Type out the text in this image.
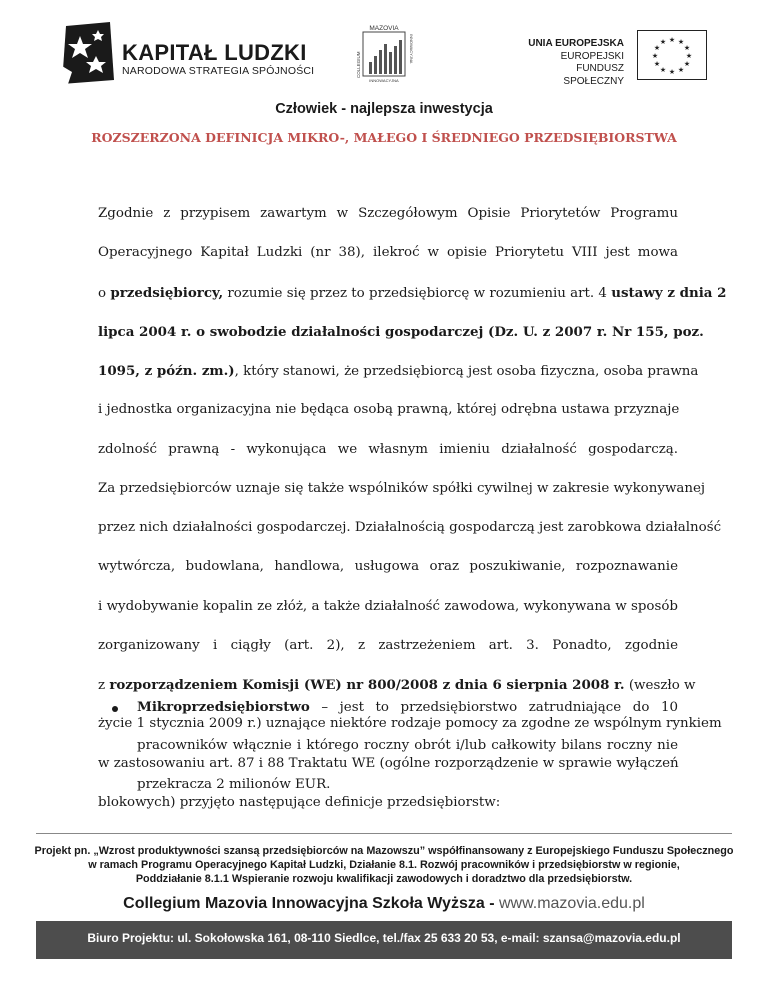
KAPITAŁ LUDZKI
NARODOWA STRATEGIA SPÓJNOŚCI
MAZOVIA
COLLEGIUM
INNOWACYJNA
INNOWACYJNA
UNIA EUROPEJSKA
EUROPEJSKI
FUNDUSZ SPOŁECZNY
★ ★
★
★
★
★
★
★
★
★
★
★
Człowiek - najlepsza inwestycja
ROZSZERZONA DEFINICJA MIKRO-, MAŁEGO I ŚREDNIEGO PRZEDSIĘBIORSTWA
Zgodnie z przypisem zawartym w Szczegółowym Opisie Priorytetów Programu
Operacyjnego Kapitał Ludzki (nr 38), ilekroć w opisie Priorytetu VIII jest mowa
o przedsiębiorcy, rozumie się przez to przedsiębiorcę w rozumieniu art. 4 ustawy z dnia 2
lipca 2004 r. o swobodzie działalności gospodarczej (Dz. U. z 2007 r. Nr 155, poz.
1095, z późn. zm.), który stanowi, że przedsiębiorcą jest osoba fizyczna, osoba prawna
i jednostka organizacyjna nie będąca osobą prawną, której odrębna ustawa przyznaje
zdolność prawną - wykonująca we własnym imieniu działalność gospodarczą.
Za przedsiębiorców uznaje się także wspólników spółki cywilnej w zakresie wykonywanej
przez nich działalności gospodarczej. Działalnością gospodarczą jest zarobkowa działalność
wytwórcza, budowlana, handlowa, usługowa oraz poszukiwanie, rozpoznawanie
i wydobywanie kopalin ze złóż, a także działalność zawodowa, wykonywana w sposób
zorganizowany i ciągły (art. 2), z zastrzeżeniem art. 3. Ponadto, zgodnie
z rozporządzeniem Komisji (WE) nr 800/2008 z dnia 6 sierpnia 2008 r. (weszło w
życie 1 stycznia 2009 r.) uznające niektóre rodzaje pomocy za zgodne ze wspólnym rynkiem
w zastosowaniu art. 87 i 88 Traktatu WE (ogólne rozporządzenie w sprawie wyłączeń
blokowych) przyjęto następujące definicje przedsiębiorstw:
Mikroprzedsiębiorstwo – jest to przedsiębiorstwo zatrudniające do 10
pracowników włącznie i którego roczny obrót i/lub całkowity bilans roczny nie
przekracza 2 milionów EUR.
Projekt pn. „Wzrost produktywności szansą przedsiębiorców na Mazowszu” współfinansowany z Europejskiego Funduszu Społecznego
w ramach Programu Operacyjnego Kapitał Ludzki, Działanie 8.1. Rozwój pracowników i przedsiębiorstw w regionie,
Poddziałanie 8.1.1 Wspieranie rozwoju kwalifikacji zawodowych i doradztwo dla przedsiębiorstw.
Collegium Mazovia Innowacyjna Szkoła Wyższa - www.mazovia.edu.pl
Biuro Projektu: ul. Sokołowska 161, 08-110 Siedlce, tel./fax 25 633 20 53, e-mail: szansa@mazovia.edu.pl
